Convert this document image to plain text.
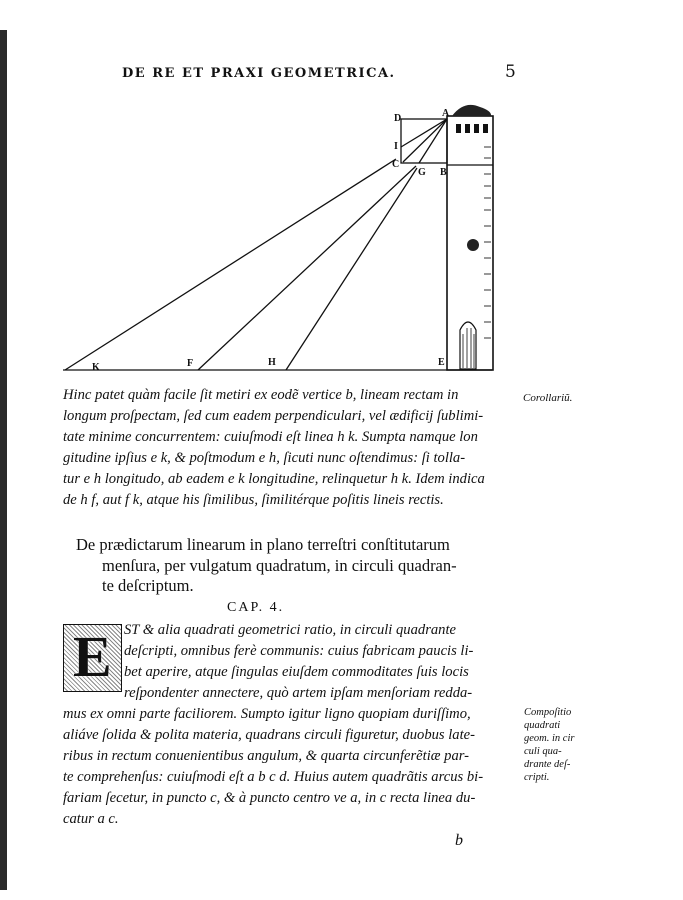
DE RE ET PRAXI GEOMETRICA.	5
D	A
I
C
G B
K	F	H	E
Hinc patet quàm facile ſit metiri ex eodẽ vertice b, lineam rectam in
longum proſpectam, ſed cum eadem perpendiculari, vel ædificij ſublimi-
tate minime concurrentem: cuiuſmodi eſt linea h k. Sumpta namque lon
gitudine ipſius e k, & poſtmodum e h, ſicuti nunc oſtendimus: ſi tolla-
tur e h longitudo, ab eadem e k longitudine, relinquetur h k. Idem indica
de h f, aut f k, atque his ſimilibus, ſimilitérque poſitis lineis rectis.
Corollariũ.
De prædictarum linearum in plano terreſtri conſtitutarum
menſura, per vulgatum quadratum, in circuli quadran-
te deſcriptum.
CAP. 4.
E ST & alia quadrati geometrici ratio, in circuli quadrante
deſcripti, omnibus ferè communis: cuius fabricam paucis li-
bet aperire, atque ſingulas eiuſdem commoditates ſuis locis
reſpondenter annectere, quò artem ipſam menſoriam redda-
mus ex omni parte faciliorem. Sumpto igitur ligno quopiam duriſſimo,
aliáve ſolida & polita materia, quadrans circuli figuretur, duobus late-
ribus in rectum conuenientibus angulum, & quarta circunferẽtiæ par-
te comprehenſus: cuiuſmodi eſt a b c d. Huius autem quadrãtis arcus bi-
fariam ſecetur, in puncto c, & à puncto centro ve a, in c recta linea du-
catur a c.
Compoſitio
quadrati
geom. in cir
culi qua-
drante deſ-
cripti.
b
